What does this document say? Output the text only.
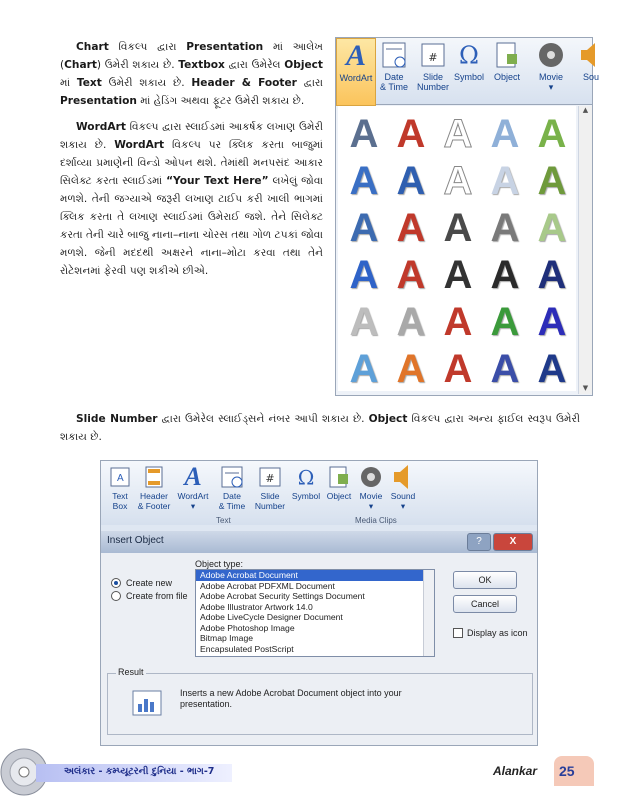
Chart વિકલ્પ દ્વારા Presentation માં આલેખ (Chart) ઉમેરી શકાય છે. Textbox દ્વારા ઉમેરેલ Object માં Text ઉમેરી શકાય છે. Header & Footer દ્વારા Presentation માં હેડિંગ અથવા ફૂટર ઉમેરી શકાય છે.

WordArt વિકલ્પ દ્વારા સ્લાઈડમાં આકર્ષક લખાણ ઉમેરી શકાય છે. WordArt વિકલ્પ પર ક્લિક કરતા બાજુમાં દર્શાવ્યા પ્રમાણેની વિન્ડો ઓપન થશે. તેમાંથી મનપસંદ આકાર સિલેક્ટ કરતા સ્લાઈડમાં “Your Text Here” લખેલું જોવા મળશે. તેની જગ્યાએ જરૂરી લખાણ ટાઈપ કરી ખાલી ભાગમાં ક્લિક કરતા તે લખાણ સ્લાઈડમાં ઉમેરાઈ જશે. તેને સિલેક્ટ કરતા તેની ચારે બાજુ નાના–નાના ચોરસ તથા ગોળ ટપકાં જોવા મળશે. જેની મદદથી અક્ષરને નાના–મોટા કરવા તથા તેને રોટેશનમાં ફેરવી પણ શકીએ છીએ.

Slide Number દ્વારા ઉમેરેલ સ્લાઈડ્સને નંબર આપી શકાય છે. Object વિકલ્પ દ્વારા અન્ય ફાઈલ સ્વરૂપ ઉમેરી શકાય છે.

A
WordArt	Date
& Time
#
Slide
Number
Ω
Symbol	Object	Movie
▾
Sou
A A A A A
A A A A A
A A A A A
A A A A A
A A A A A
A A A A A
▲
▼
A
Text
Box
Header
& Footer
A
WordArt
▾
Date
& Time
#
Slide
Number
Ω
Symbol Object Movie
▾
Sound
▾
Text	Media Clips
Insert Object	?	X
Create new
Create from file
Object type:
Adobe Acrobat Document
Adobe Acrobat PDFXML Document
Adobe Acrobat Security Settings Document
Adobe Illustrator Artwork 14.0
Adobe LiveCycle Designer Document
Adobe Photoshop Image
Bitmap Image
Encapsulated PostScript
OK
Cancel
Display as icon
Result
Inserts a new Adobe Acrobat Document object into your presentation.
અલંકાર - કમ્પ્યૂટરની દુનિયા - ભાગ-7	Alankar 25
